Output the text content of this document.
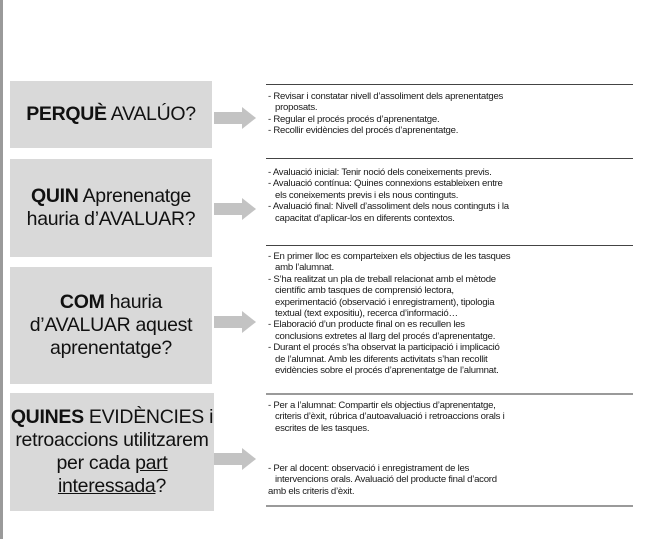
PERQUÈ AVALÚO?
QUIN Aprenenatge
hauria d’AVALUAR?
COM hauria
d’AVALUAR aquest
aprenentatge?
QUINES EVIDÈNCIES i
retroaccions utilitzarem
per cada part
interessada?
- Revisar i constatar nivell d’assoliment dels aprenentatges
proposats.
- Regular el procés procés d’aprenentatge.
- Recollir evidències del procés d’aprenentatge.
- Avaluació inicial: Tenir noció dels coneixements previs.
- Avaluació contínua: Quines connexions estableixen entre
els coneixements previs i els nous continguts.
- Avaluació final: Nivell d’assoliment dels nous continguts i la
capacitat d’aplicar-los en diferents contextos.
- En primer lloc es comparteixen els objectius de les tasques
amb l’alumnat.
- S’ha realitzat un pla de treball relacionat amb el mètode
científic amb tasques de comprensió lectora,
experimentació (observació i enregistrament), tipologia
textual (text expositiu), recerca d’informació…
- Elaboració d’un producte final on es recullen les
conclusions extretes al llarg del procés d’aprenentatge.
- Durant el procés s’ha observat la participació i implicació
de l’alumnat. Amb les diferents activitats s’han recollit
evidències sobre el procés d’aprenentatge de l’alumnat.
- Per a l’alumnat: Compartir els objectius d’aprenentatge,
criteris d’èxit, rúbrica d’autoavaluació i retroaccions orals i
escrites de les tasques.
- Per al docent: observació i enregistrament de les
intervencions orals. Avaluació del producte final d’acord
amb els criteris d’èxit.
